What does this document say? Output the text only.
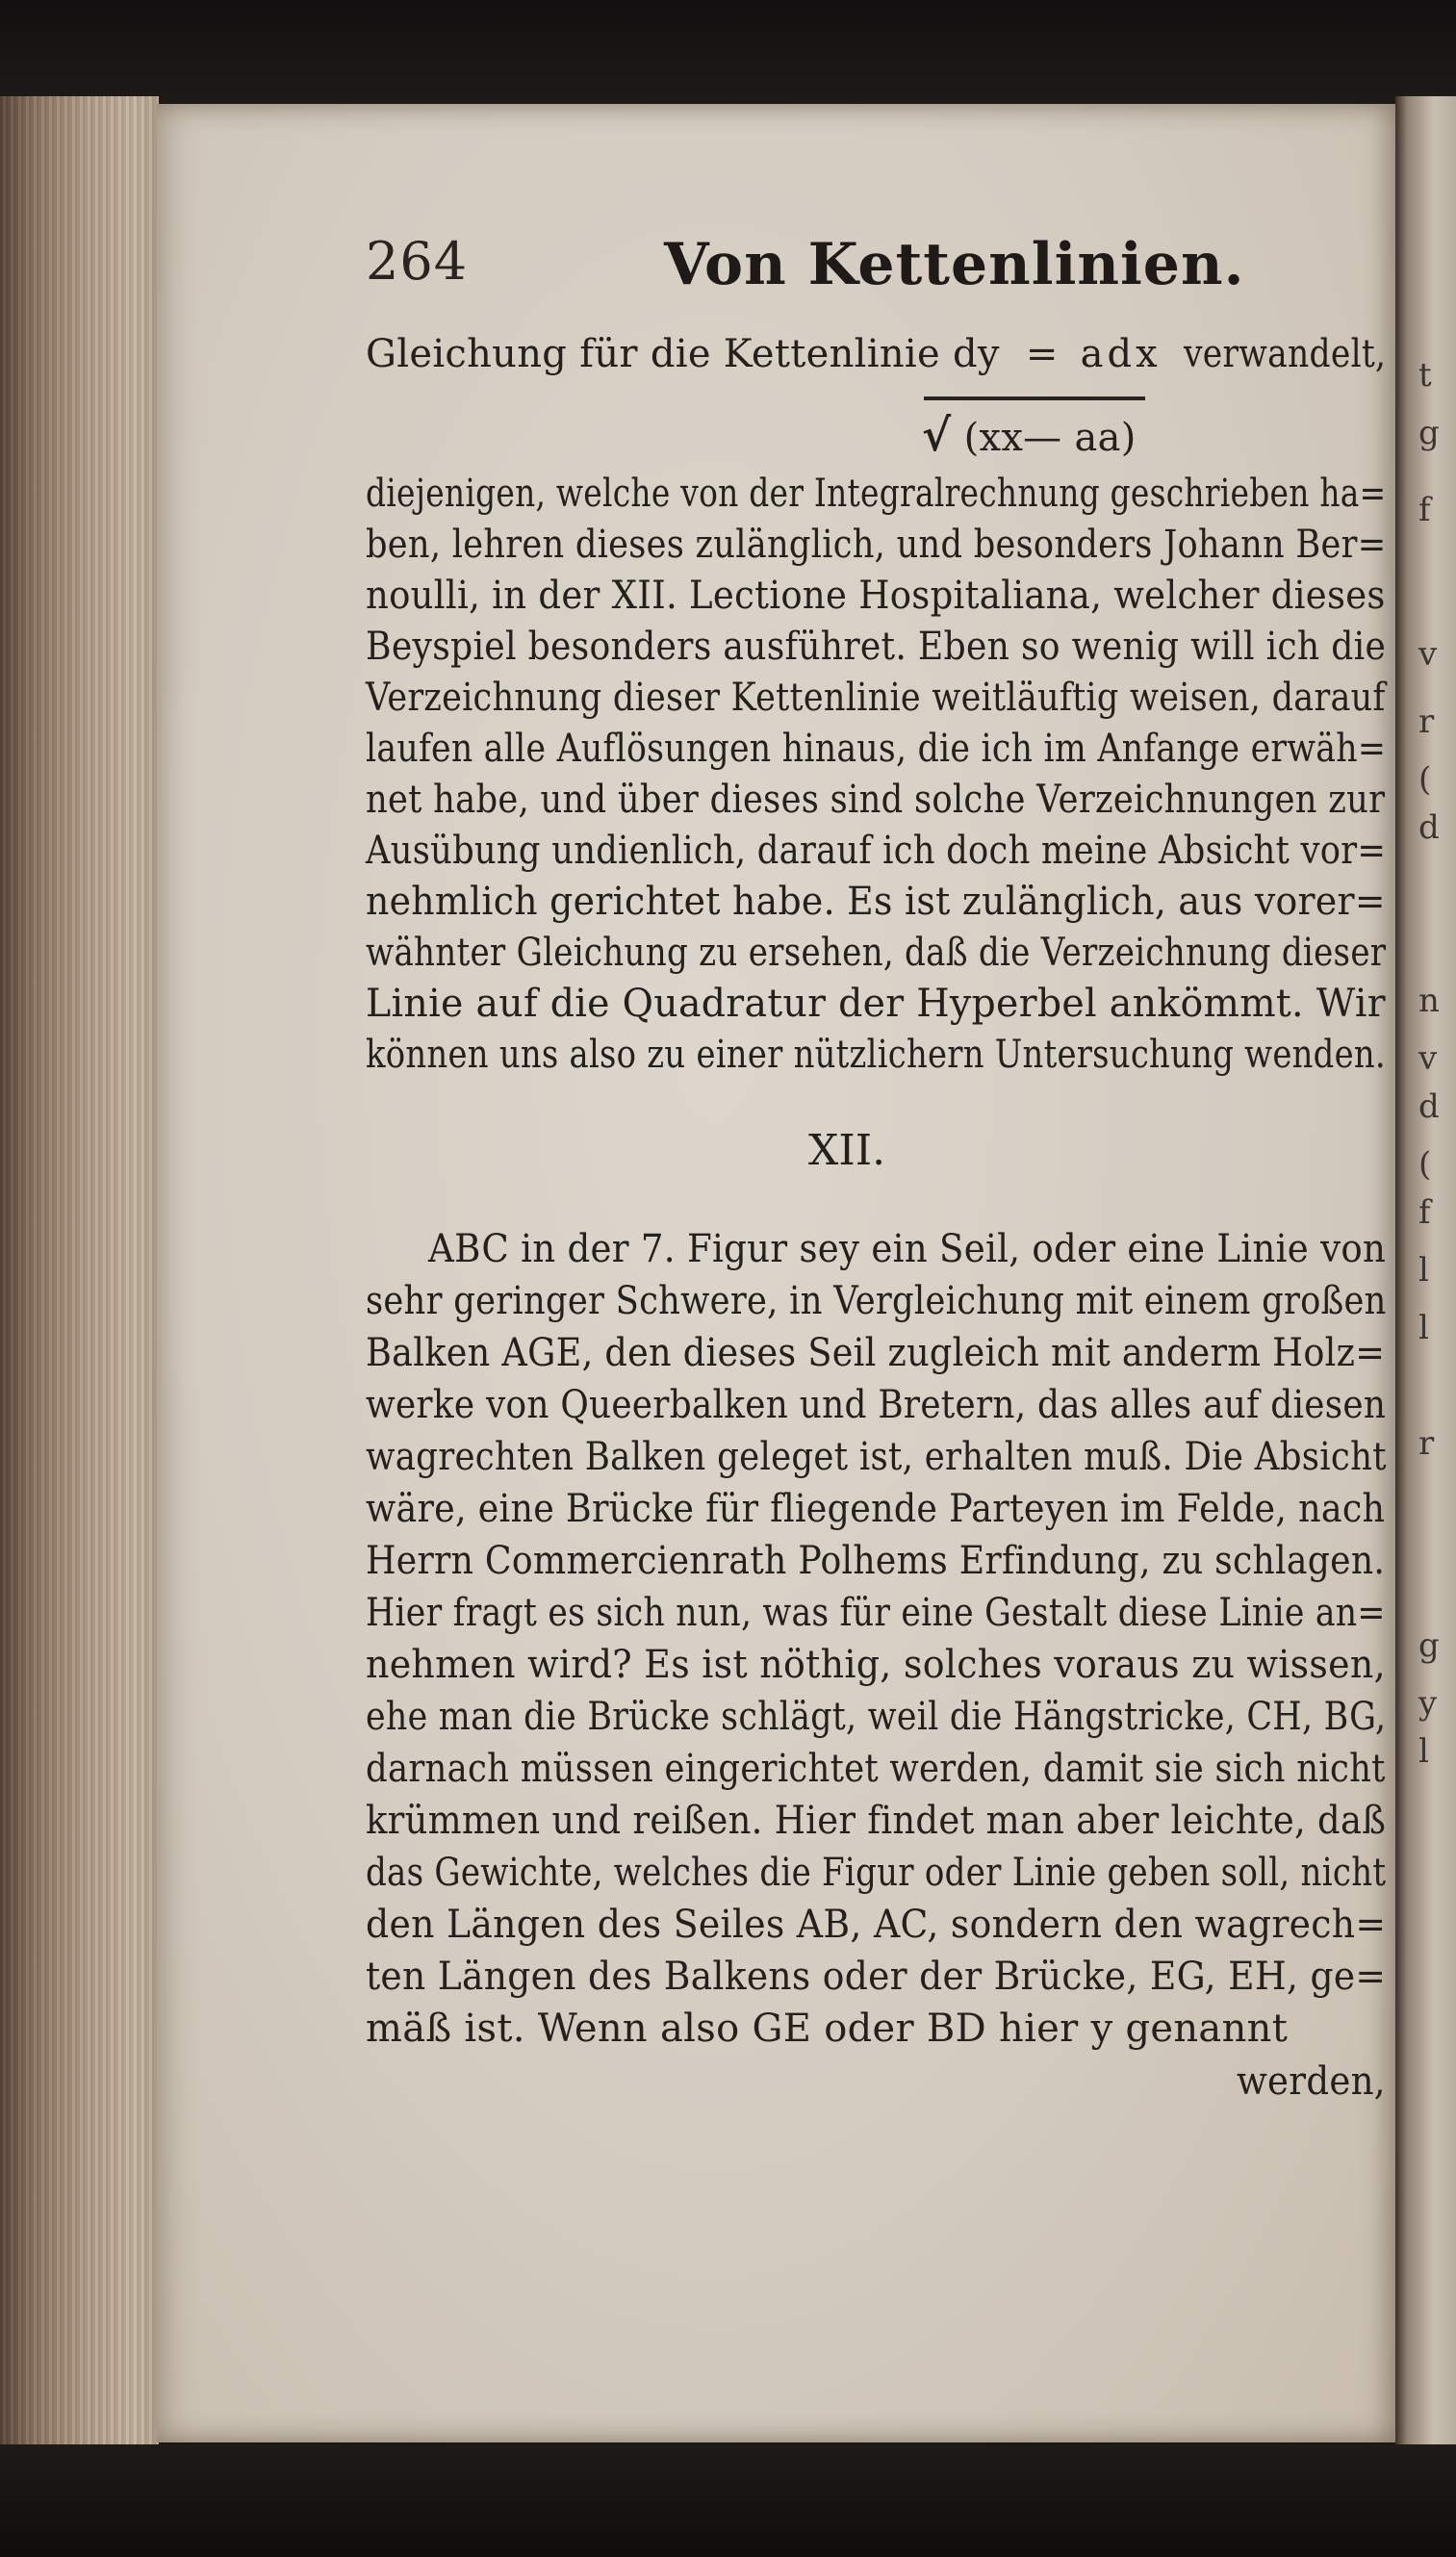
t
g
f
v
r
(
d
n
v
d
(
f
l
l
r
g
y
l
264	Von Kettenlinien.
Gleichung für die Kettenlinie dy = adx verwandelt,
√ (xx— aa)
diejenigen, welche von der Integralrechnung geschrieben ha=
ben, lehren dieses zulänglich, und besonders Johann Ber=
noulli, in der XII. Lectione Hospitaliana, welcher dieses
Beyspiel besonders ausführet. Eben so wenig will ich die
Verzeichnung dieser Kettenlinie weitläuftig weisen, darauf
laufen alle Auflösungen hinaus, die ich im Anfange erwäh=
net habe, und über dieses sind solche Verzeichnungen zur
Ausübung undienlich, darauf ich doch meine Absicht vor=
nehmlich gerichtet habe. Es ist zulänglich, aus vorer=
wähnter Gleichung zu ersehen, daß die Verzeichnung dieser
Linie auf die Quadratur der Hyperbel ankömmt. Wir
können uns also zu einer nützlichern Untersuchung wenden.
XII.
ABC in der 7. Figur sey ein Seil, oder eine Linie von
sehr geringer Schwere, in Vergleichung mit einem großen
Balken AGE, den dieses Seil zugleich mit anderm Holz=
werke von Queerbalken und Bretern, das alles auf diesen
wagrechten Balken geleget ist, erhalten muß. Die Absicht
wäre, eine Brücke für fliegende Parteyen im Felde, nach
Herrn Commercienrath Polhems Erfindung, zu schlagen.
Hier fragt es sich nun, was für eine Gestalt diese Linie an=
nehmen wird? Es ist nöthig, solches voraus zu wissen,
ehe man die Brücke schlägt, weil die Hängstricke, CH, BG,
darnach müssen eingerichtet werden, damit sie sich nicht
krümmen und reißen. Hier findet man aber leichte, daß
das Gewichte, welches die Figur oder Linie geben soll, nicht
den Längen des Seiles AB, AC, sondern den wagrech=
ten Längen des Balkens oder der Brücke, EG, EH, ge=
mäß ist. Wenn also GE oder BD hier y genannt
werden,
